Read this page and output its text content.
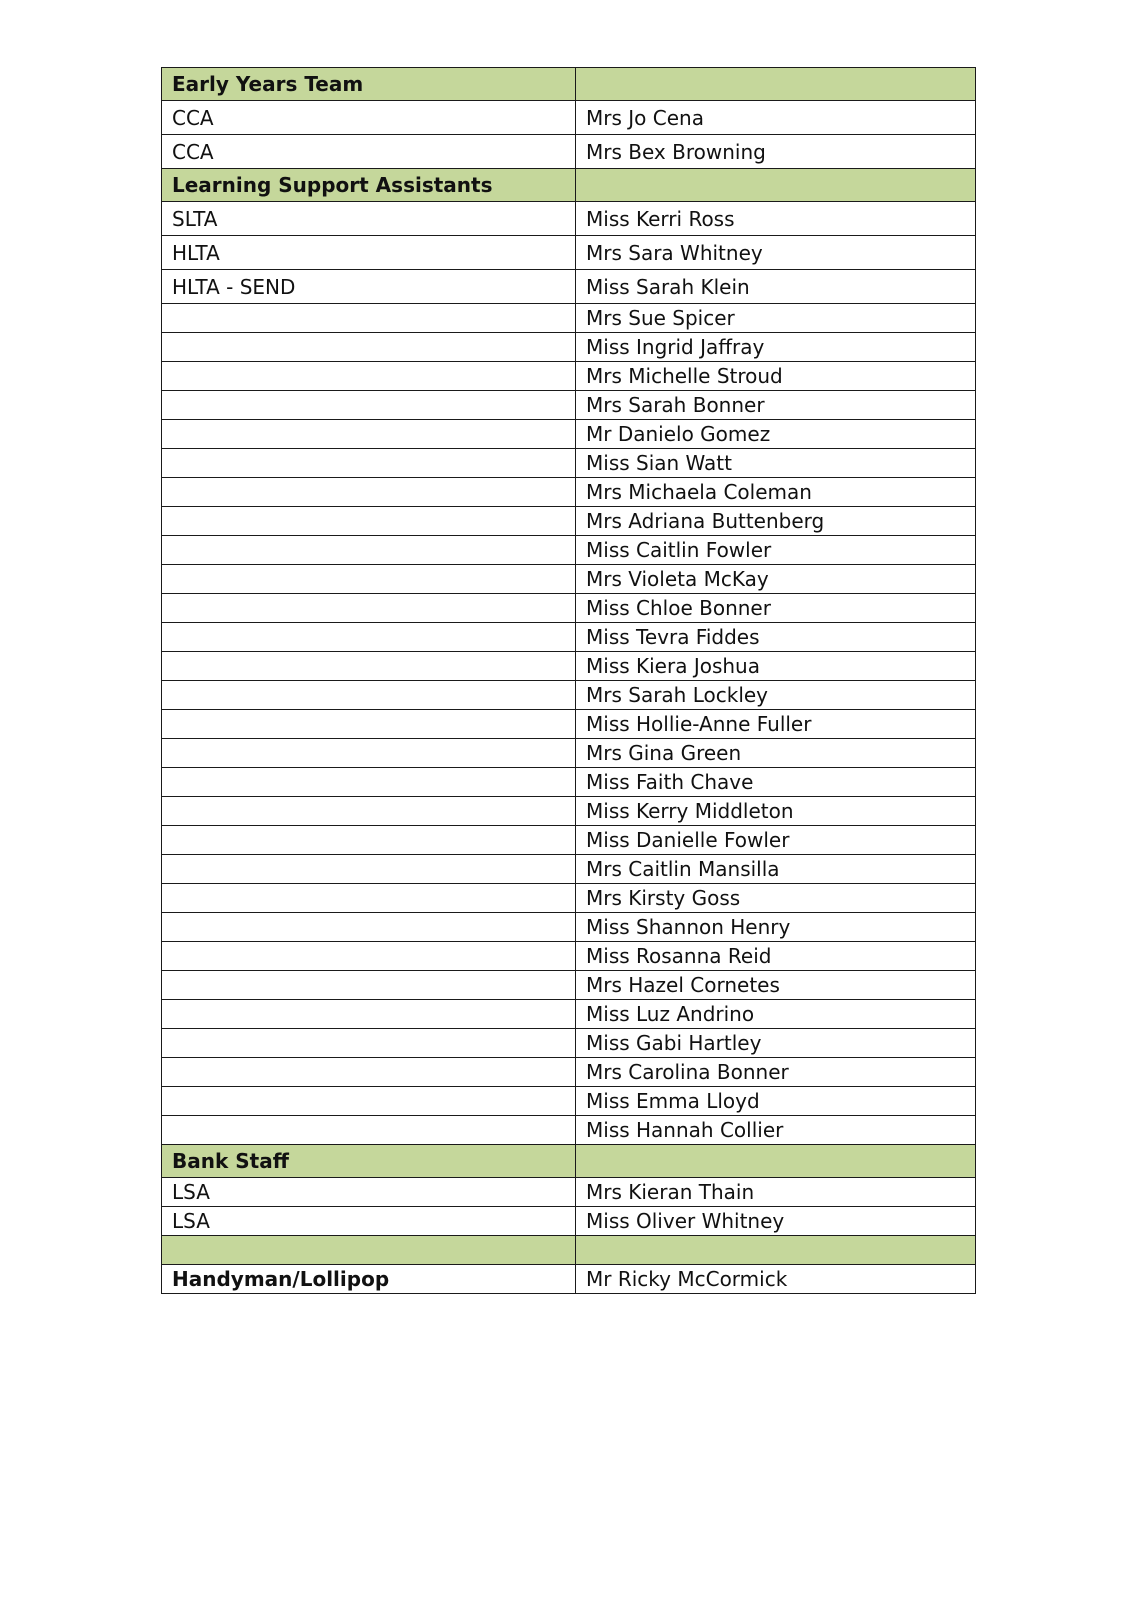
Early Years Team	
CCA	Mrs Jo Cena
CCA	Mrs Bex Browning
Learning Support Assistants	
SLTA	Miss Kerri Ross
HLTA	Mrs Sara Whitney
HLTA - SEND	Miss Sarah Klein
	Mrs Sue Spicer
	Miss Ingrid Jaffray
	Mrs Michelle Stroud
	Mrs Sarah Bonner
	Mr Danielo Gomez
	Miss Sian Watt
	Mrs Michaela Coleman
	Mrs Adriana Buttenberg
	Miss Caitlin Fowler
	Mrs Violeta McKay
	Miss Chloe Bonner
	Miss Tevra Fiddes
	Miss Kiera Joshua
	Mrs Sarah Lockley
	Miss Hollie-Anne Fuller
	Mrs Gina Green
	Miss Faith Chave
	Miss Kerry Middleton
	Miss Danielle Fowler
	Mrs Caitlin Mansilla
	Mrs Kirsty Goss
	Miss Shannon Henry
	Miss Rosanna Reid
	Mrs Hazel Cornetes
	Miss Luz Andrino
	Miss Gabi Hartley
	Mrs Carolina Bonner
	Miss Emma Lloyd
	Miss Hannah Collier
Bank Staff	
LSA	Mrs Kieran Thain
LSA	Miss Oliver Whitney

Handyman/Lollipop	Mr Ricky McCormick
